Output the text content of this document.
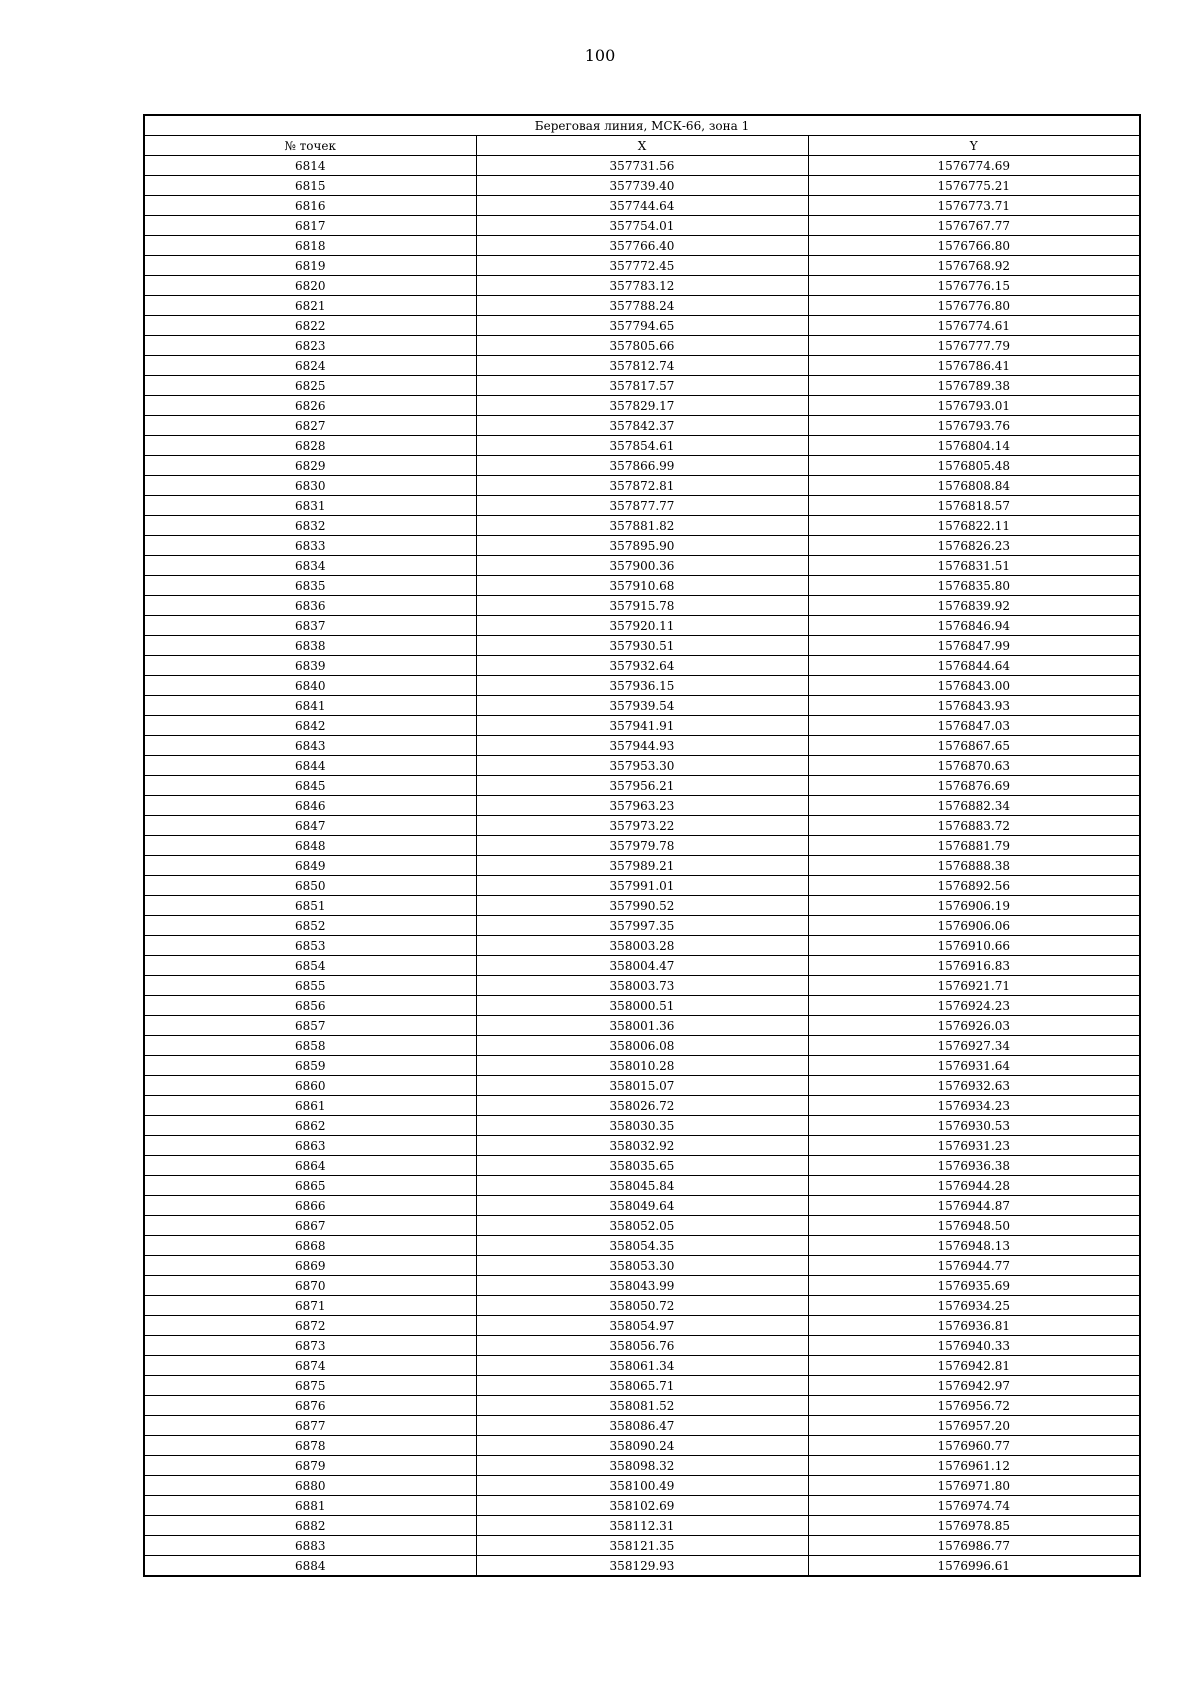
100
Береговая линия, МСК-66, зона 1		
№ точек	X	Y
6814	357731.56	1576774.69
6815	357739.40	1576775.21
6816	357744.64	1576773.71
6817	357754.01	1576767.77
6818	357766.40	1576766.80
6819	357772.45	1576768.92
6820	357783.12	1576776.15
6821	357788.24	1576776.80
6822	357794.65	1576774.61
6823	357805.66	1576777.79
6824	357812.74	1576786.41
6825	357817.57	1576789.38
6826	357829.17	1576793.01
6827	357842.37	1576793.76
6828	357854.61	1576804.14
6829	357866.99	1576805.48
6830	357872.81	1576808.84
6831	357877.77	1576818.57
6832	357881.82	1576822.11
6833	357895.90	1576826.23
6834	357900.36	1576831.51
6835	357910.68	1576835.80
6836	357915.78	1576839.92
6837	357920.11	1576846.94
6838	357930.51	1576847.99
6839	357932.64	1576844.64
6840	357936.15	1576843.00
6841	357939.54	1576843.93
6842	357941.91	1576847.03
6843	357944.93	1576867.65
6844	357953.30	1576870.63
6845	357956.21	1576876.69
6846	357963.23	1576882.34
6847	357973.22	1576883.72
6848	357979.78	1576881.79
6849	357989.21	1576888.38
6850	357991.01	1576892.56
6851	357990.52	1576906.19
6852	357997.35	1576906.06
6853	358003.28	1576910.66
6854	358004.47	1576916.83
6855	358003.73	1576921.71
6856	358000.51	1576924.23
6857	358001.36	1576926.03
6858	358006.08	1576927.34
6859	358010.28	1576931.64
6860	358015.07	1576932.63
6861	358026.72	1576934.23
6862	358030.35	1576930.53
6863	358032.92	1576931.23
6864	358035.65	1576936.38
6865	358045.84	1576944.28
6866	358049.64	1576944.87
6867	358052.05	1576948.50
6868	358054.35	1576948.13
6869	358053.30	1576944.77
6870	358043.99	1576935.69
6871	358050.72	1576934.25
6872	358054.97	1576936.81
6873	358056.76	1576940.33
6874	358061.34	1576942.81
6875	358065.71	1576942.97
6876	358081.52	1576956.72
6877	358086.47	1576957.20
6878	358090.24	1576960.77
6879	358098.32	1576961.12
6880	358100.49	1576971.80
6881	358102.69	1576974.74
6882	358112.31	1576978.85
6883	358121.35	1576986.77
6884	358129.93	1576996.61
